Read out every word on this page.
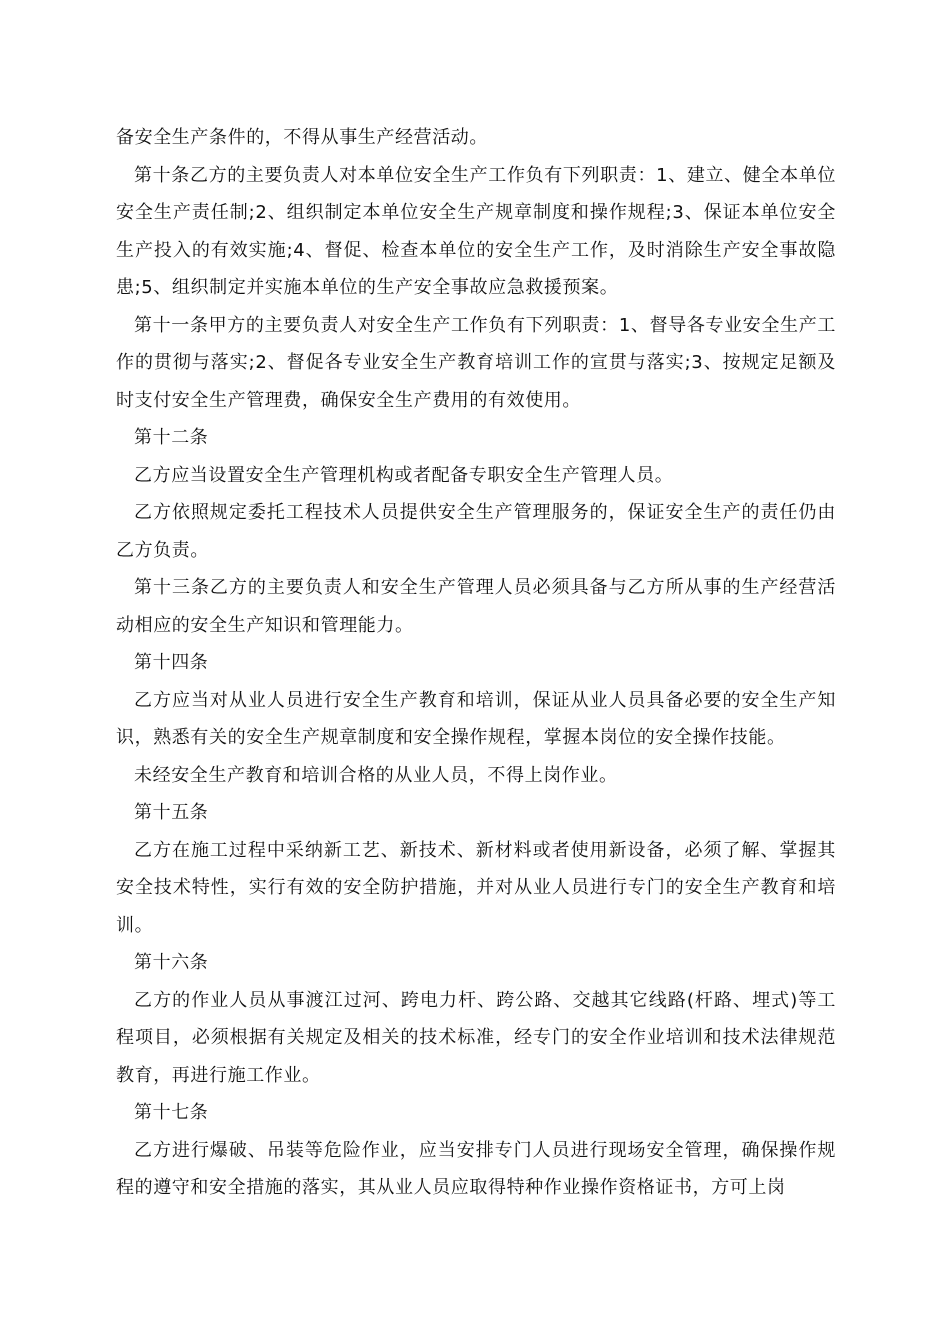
备安全生产条件的，不得从事生产经营活动。

第十条乙方的主要负责人对本单位安全生产工作负有下列职责：1、建立、健全本单位安全生产责任制;2、组织制定本单位安全生产规章制度和操作规程;3、保证本单位安全生产投入的有效实施;4、督促、检查本单位的安全生产工作，及时消除生产安全事故隐患;5、组织制定并实施本单位的生产安全事故应急救援预案。

第十一条甲方的主要负责人对安全生产工作负有下列职责：1、督导各专业安全生产工作的贯彻与落实;2、督促各专业安全生产教育培训工作的宣贯与落实;3、按规定足额及时支付安全生产管理费，确保安全生产费用的有效使用。

第十二条

乙方应当设置安全生产管理机构或者配备专职安全生产管理人员。

乙方依照规定委托工程技术人员提供安全生产管理服务的，保证安全生产的责任仍由乙方负责。

第十三条乙方的主要负责人和安全生产管理人员必须具备与乙方所从事的生产经营活动相应的安全生产知识和管理能力。

第十四条

乙方应当对从业人员进行安全生产教育和培训，保证从业人员具备必要的安全生产知识，熟悉有关的安全生产规章制度和安全操作规程，掌握本岗位的安全操作技能。

未经安全生产教育和培训合格的从业人员，不得上岗作业。

第十五条

乙方在施工过程中采纳新工艺、新技术、新材料或者使用新设备，必须了解、掌握其安全技术特性，实行有效的安全防护措施，并对从业人员进行专门的安全生产教育和培训。

第十六条

乙方的作业人员从事渡江过河、跨电力杆、跨公路、交越其它线路(杆路、埋式)等工程项目，必须根据有关规定及相关的技术标准，经专门的安全作业培训和技术法律规范教育，再进行施工作业。

第十七条

乙方进行爆破、吊装等危险作业，应当安排专门人员进行现场安全管理，确保操作规程的遵守和安全措施的落实，其从业人员应取得特种作业操作资格证书，方可上岗
